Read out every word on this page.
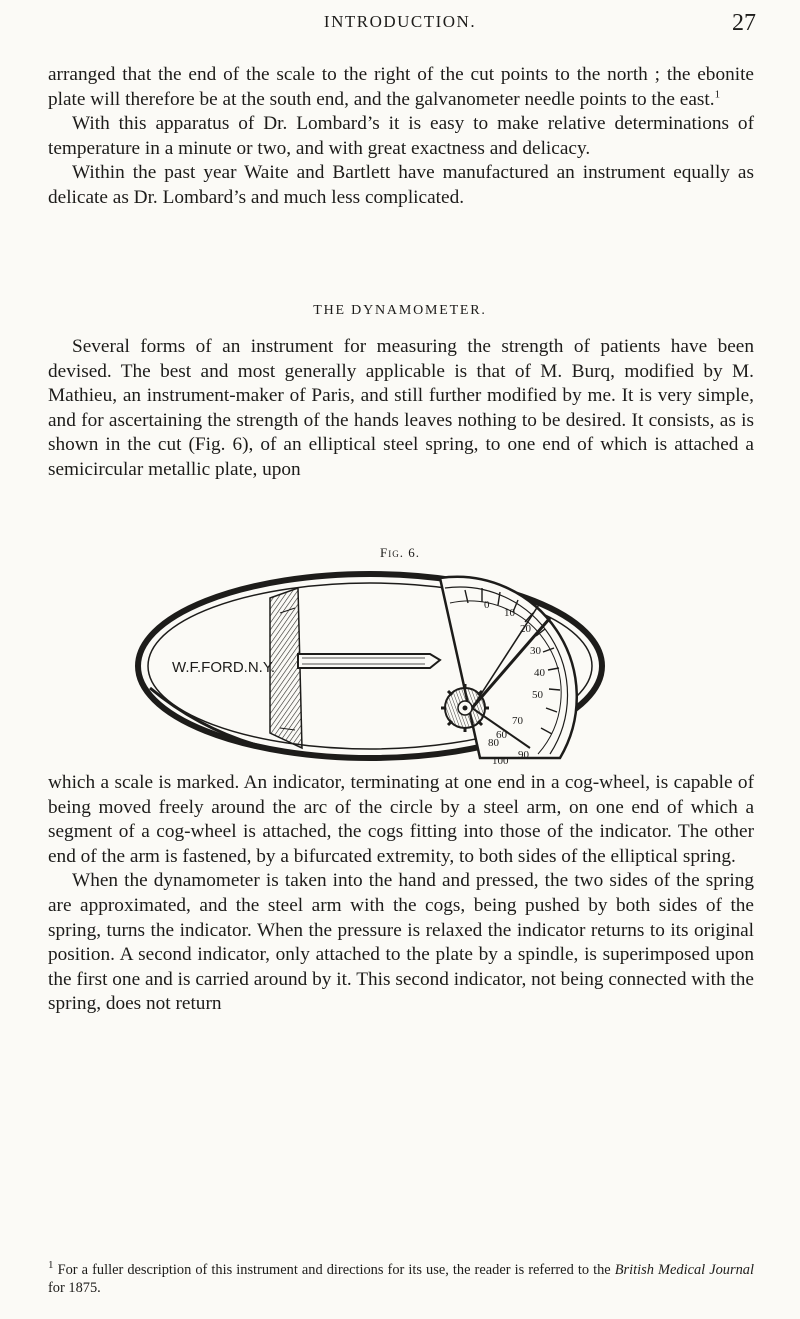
INTRODUCTION.	27

arranged that the end of the scale to the right of the cut points to the north ; the ebonite plate will therefore be at the south end, and the galvanometer needle points to the east.$^1$

With this apparatus of Dr. Lombard’s it is easy to make relative determinations of temperature in a minute or two, and with great exactness and delicacy.

Within the past year Waite and Bartlett have manufactured an instrument equally as delicate as Dr. Lombard’s and much less complicated.

THE DYNAMOMETER.

Several forms of an instrument for measuring the strength of patients have been devised. The best and most generally applicable is that of M. Burq, modified by M. Mathieu, an instrument-maker of Paris, and still further modified by me. It is very simple, and for ascertaining the strength of the hands leaves nothing to be desired. It consists, as is shown in the cut (Fig. 6), of an elliptical steel spring, to one end of which is attached a semicircular metallic plate, upon

Fig. 6.
100 90
80
70
60
50
40
30
20
10
0
W.F.FORD.N.Y.

which a scale is marked. An indicator, terminating at one end in a cog-wheel, is capable of being moved freely around the arc of the circle by a steel arm, on one end of which a segment of a cog-wheel is attached, the cogs fitting into those of the indicator. The other end of the arm is fastened, by a bifurcated extremity, to both sides of the elliptical spring.

When the dynamometer is taken into the hand and pressed, the two sides of the spring are approximated, and the steel arm with the cogs, being pushed by both sides of the spring, turns the indicator. When the pressure is relaxed the indicator returns to its original position. A second indicator, only attached to the plate by a spindle, is superimposed upon the first one and is carried around by it. This second indicator, not being connected with the spring, does not return

$^1$ For a fuller description of this instrument and directions for its use, the reader is referred to the British Medical Journal for 1875.
